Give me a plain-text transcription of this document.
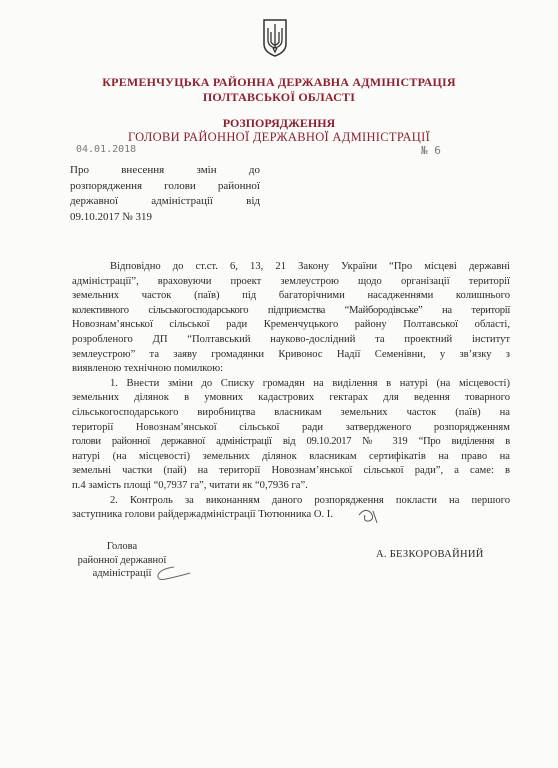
КРЕМЕНЧУЦЬКА РАЙОННА ДЕРЖАВНА АДМІНІСТРАЦІЯ
ПОЛТАВСЬКОЇ ОБЛАСТІ
РОЗПОРЯДЖЕННЯ
ГОЛОВИ РАЙОННОЇ ДЕРЖАВНОЇ АДМІНІСТРАЦІЇ
04.01.2018	№ 6
Про внесення змін до
розпорядження голови районної
державної адміністрації від
09.10.2017 № 319
Відповідно до ст.ст. 6, 13, 21 Закону України “Про місцеві державні
адміністрації”, враховуючи проект землеустрою щодо організації території
земельних часток (паїв) під багаторічними насадженнями колишнього
колективного сільськогосподарського підприємства “Майбородівське” на території
Новознам’янської сільської ради Кременчуцького району Полтавської області,
розробленого ДП “Полтавський науково-дослідний та проектний інститут
землеустрою” та заяву громадянки Кривонос Надії Семенівни, у зв’язку з
виявленою технічною помилкою:
1. Внести зміни до Списку громадян на виділення в натурі (на місцевості)
земельних ділянок в умовних кадастрових гектарах для ведення товарного
сільськогосподарського виробництва власникам земельних часток (паїв) на
території Новознам’янської сільської ради затвердженого розпорядженням
голови районної державної адміністрації від 09.10.2017 № 319 “Про виділення в
натурі (на місцевості) земельних ділянок власникам сертифікатів на право на
земельні частки (пай) на території Новознам’янської сільської ради”, а саме: в
п.4 замість площі “0,7937 га”, читати як “0,7936 га”.
2. Контроль за виконанням даного розпорядження покласти на першого
заступника голови райдержадміністрації Тютюнника О. І.
Голова
районної державної
адміністрації
А. БЕЗКОРОВАЙНИЙ
